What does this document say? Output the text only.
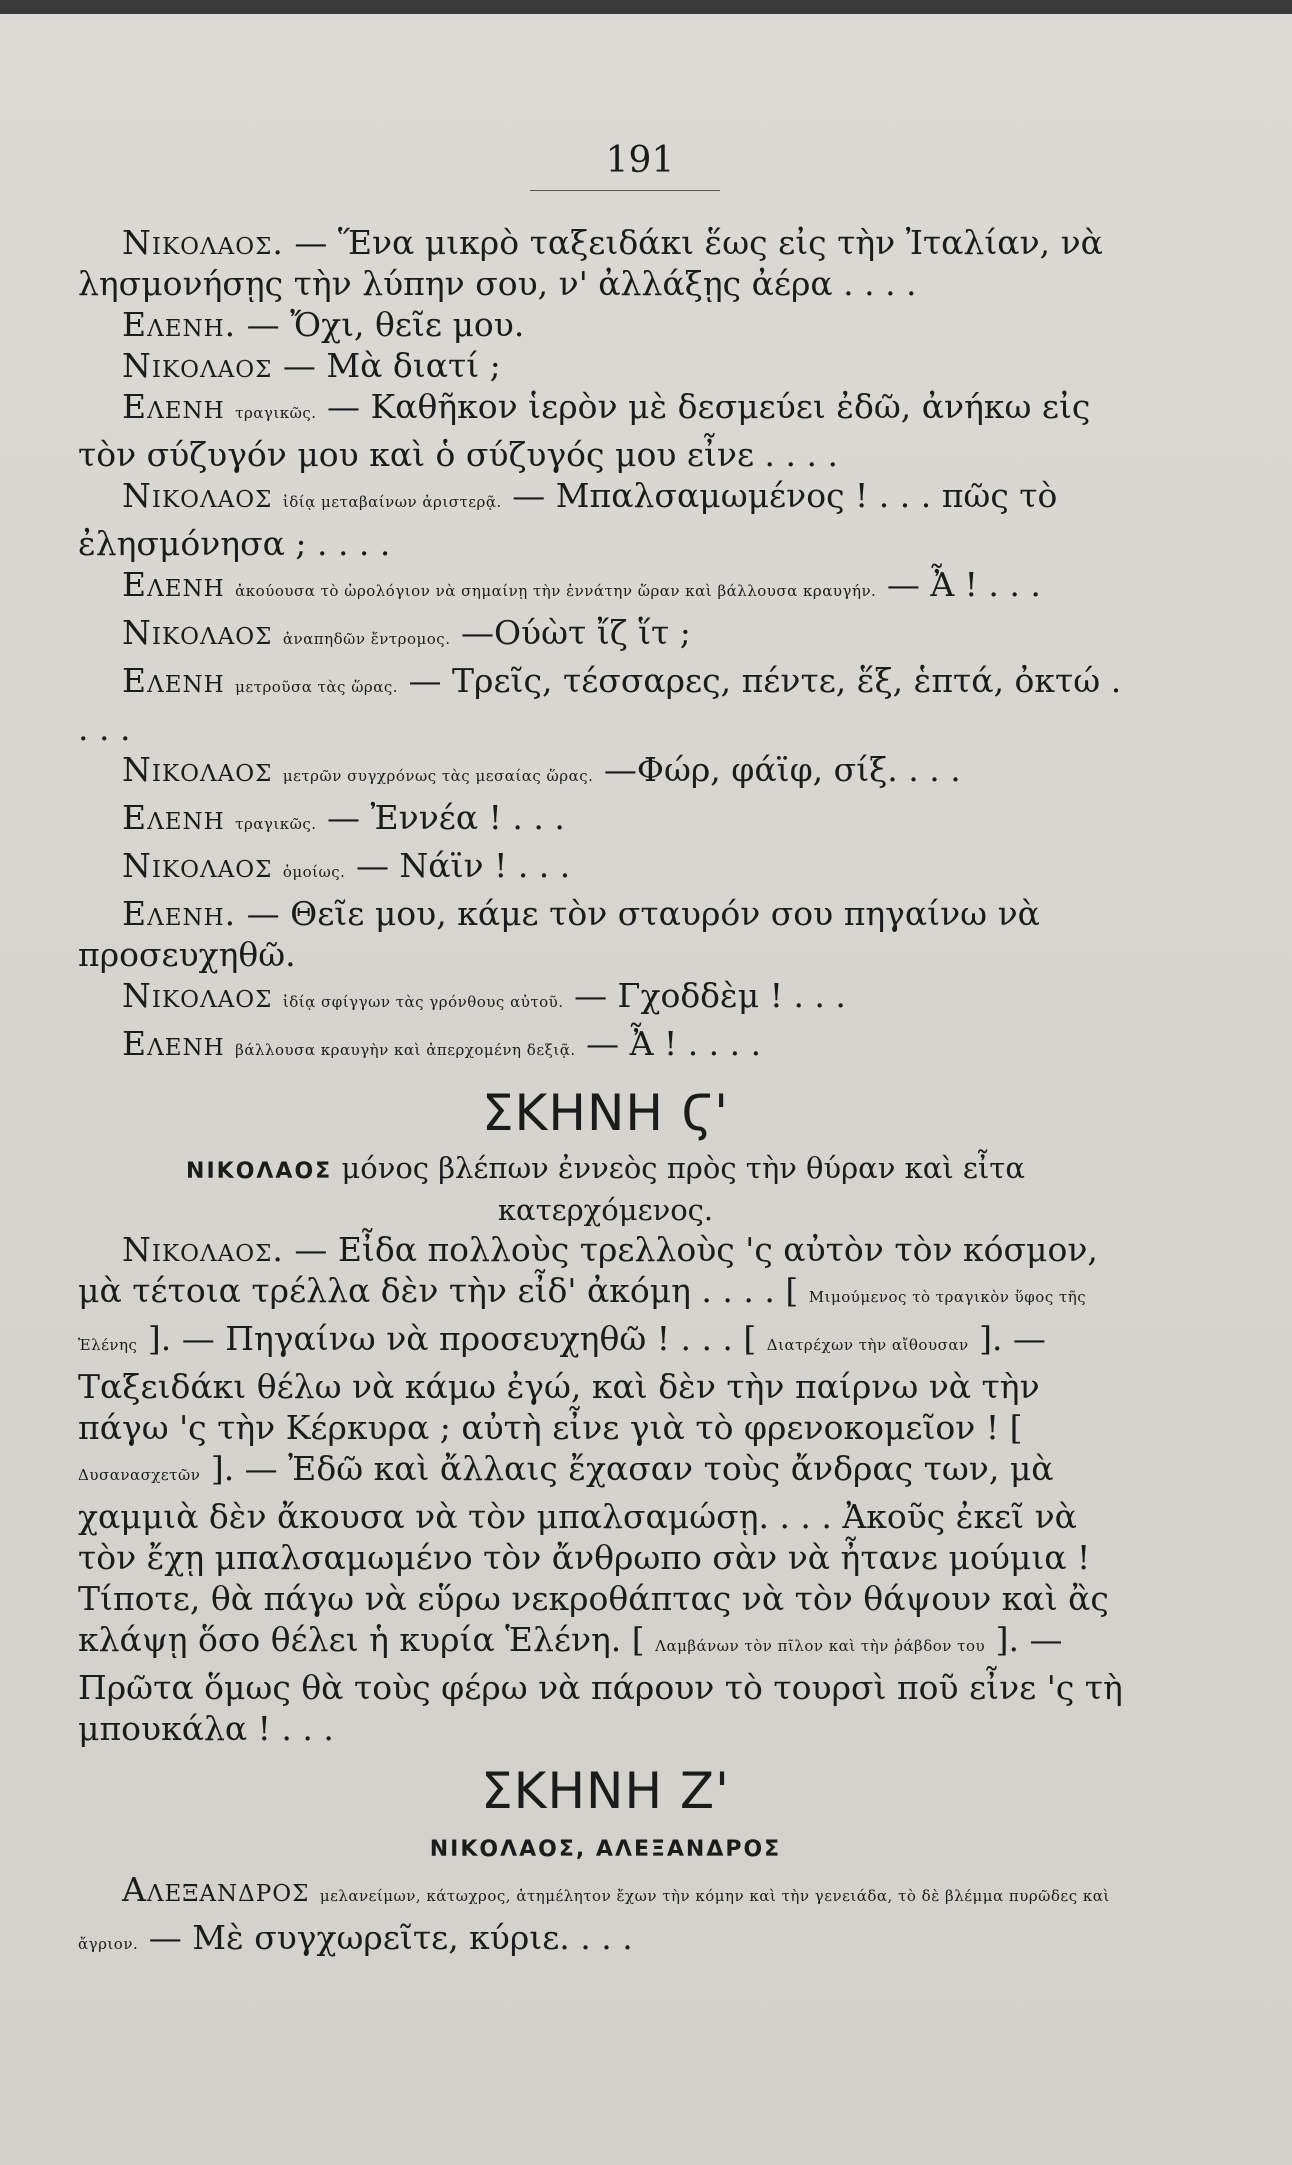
191

Νικολαος. — Ἕνα μικρὸ ταξειδάκι ἕως εἰς τὴν Ἰταλίαν, νὰ λησμονήσῃς τὴν λύπην σου, ν' ἀλλάξῃς ἀέρα . . . .

Ελενη. — Ὄχι, θεῖε μου.

Νικολαος — Μὰ διατί ;

Ελενη τραγικῶς. — Καθῆκον ἱερὸν μὲ δεσμεύει ἐδῶ, ἀνήκω εἰς τὸν σύζυγόν μου καὶ ὁ σύζυγός μου εἶνε . . . .

Νικολαος ἰδίᾳ μεταβαίνων ἀριστερᾷ. — Μπαλσαμωμένος ! . . . πῶς τὸ ἐλησμόνησα ; . . . .

Ελενη ἀκούουσα τὸ ὡρολόγιον νὰ σημαίνῃ τὴν ἐννάτην ὥραν καὶ βάλλουσα κραυγήν. — Ἆ ! . . .

Νικολαος ἀναπηδῶν ἔντρομος. —Ούὼτ ἴζ ἵτ ;

Ελενη μετροῦσα τὰς ὥρας. — Τρεῖς, τέσσαρες, πέντε, ἕξ, ἑπτά, ὀκτώ . . . .

Νικολαος μετρῶν συγχρόνως τὰς μεσαίας ὥρας. —Φώρ, φάϊφ, σίξ. . . .

Ελενη τραγικῶς. — Ἐννέα ! . . .

Νικολαος ὁμοίως. — Νάϊν ! . . .

Ελενη. — Θεῖε μου, κάμε τὸν σταυρόν σου πηγαίνω νὰ προσευχηθῶ.

Νικολαος ἰδίᾳ σφίγγων τὰς γρόνθους αὐτοῦ. — Γχοδδὲμ ! . . .

Ελενη βάλλουσα κραυγὴν καὶ ἀπερχομένη δεξιᾷ. — Ἆ ! . . . .

ΣΚΗΝΗ Ϛ'

ΝΙΚΟΛΑΟΣ μόνος βλέπων ἐννεὸς πρὸς τὴν θύραν καὶ εἶτα κατερχόμενος.

Νικολαος. — Εἶδα πολλοὺς τρελλοὺς 'ς αὐτὸν τὸν κόσμον, μὰ τέτοια τρέλλα δὲν τὴν εἶδ' ἀκόμη . . . . [ Μιμούμενος τὸ τραγικὸν ὕφος τῆς Ἑλένης ]. — Πηγαίνω νὰ προσευχηθῶ ! . . . [ Διατρέχων τὴν αἴθουσαν ]. — Ταξειδάκι θέλω νὰ κάμω ἐγώ, καὶ δὲν τὴν παίρνω νὰ τὴν πάγω 'ς τὴν Κέρκυρα ; αὐτὴ εἶνε γιὰ τὸ φρενοκομεῖον ! [ Δυσανασχετῶν ]. — Ἐδῶ καὶ ἄλλαις ἔχασαν τοὺς ἄνδρας των, μὰ χαμμιὰ δὲν ἄκουσα νὰ τὸν μπαλσαμώσῃ. . . . Ἀκοῦς ἐκεῖ νὰ τὸν ἔχῃ μπαλσαμωμένο τὸν ἄνθρωπο σὰν νὰ ἦτανε μούμια ! Τίποτε, θὰ πάγω νὰ εὕρω νεκροθάπτας νὰ τὸν θάψουν καὶ ἂς κλάψῃ ὅσο θέλει ἡ κυρία Ἑλένη. [ Λαμβάνων τὸν πῖλον καὶ τὴν ῥάβδον του ]. — Πρῶτα ὅμως θὰ τοὺς φέρω νὰ πάρουν τὸ τουρσὶ ποῦ εἶνε 'ς τὴ μπουκάλα ! . . .

ΣΚΗΝΗ Ζ'

ΝΙΚΟΛΑΟΣ, ΑΛΕΞΑΝΔΡΟΣ

Αλεξανδρος μελανείμων, κάτωχρος, ἀτημέλητον ἔχων τὴν κόμην καὶ τὴν γενειάδα, τὸ δὲ βλέμμα πυρῶδες καὶ ἄγριον. — Μὲ συγχωρεῖτε, κύριε. . . .
